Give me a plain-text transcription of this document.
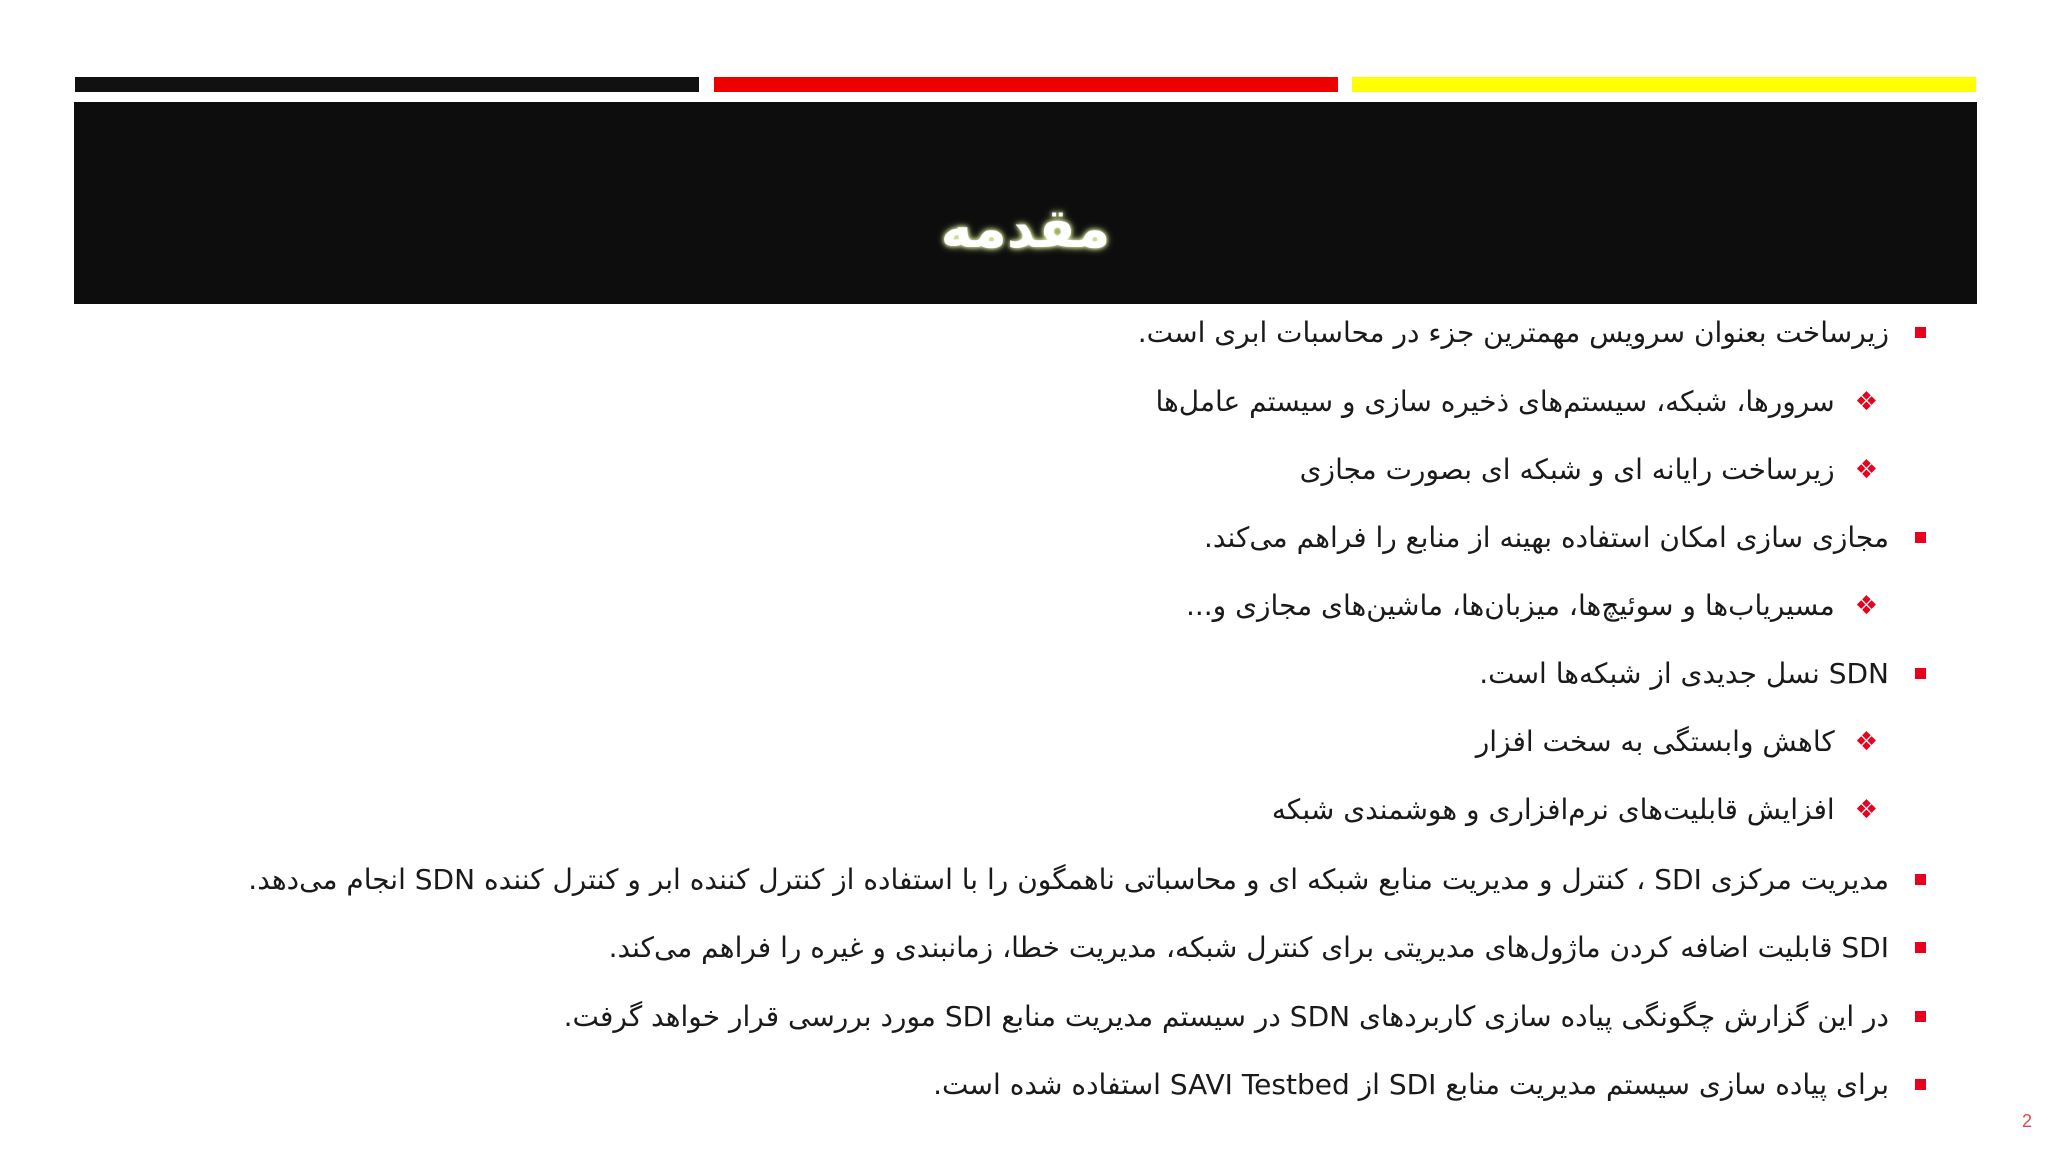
مقدمه
زیرساخت بعنوان سرویس مهمترین جزء در محاسبات ابری است.
❖
سرورها، شبکه، سیستم‌های ذخیره سازی و سیستم عامل‌ها
❖
زیرساخت رایانه ای و شبکه ای بصورت مجازی
مجازی سازی امکان استفاده بهینه از منابع را فراهم می‌کند.
❖
مسیریاب‌ها و سوئیچ‌ها، میزبان‌ها، ماشین‌های مجازی و...
SDN نسل جدیدی از شبکه‌ها است.
❖
کاهش وابستگی به سخت افزار
❖
افزایش قابلیت‌های نرم‌افزاری و هوشمندی شبکه
مدیریت مرکزی SDI ، کنترل و مدیریت منابع شبکه ای و محاسباتی ناهمگون را با استفاده از کنترل کننده ابر و کنترل کننده SDN انجام می‌دهد.
SDI قابلیت اضافه کردن ماژول‌های مدیریتی برای کنترل شبکه، مدیریت خطا، زمانبندی و غیره را فراهم می‌کند.
در این گزارش چگونگی پیاده سازی کاربردهای SDN در سیستم مدیریت منابع SDI مورد بررسی قرار خواهد گرفت.
برای پیاده سازی سیستم مدیریت منابع SDI از SAVI Testbed استفاده شده است.
2
